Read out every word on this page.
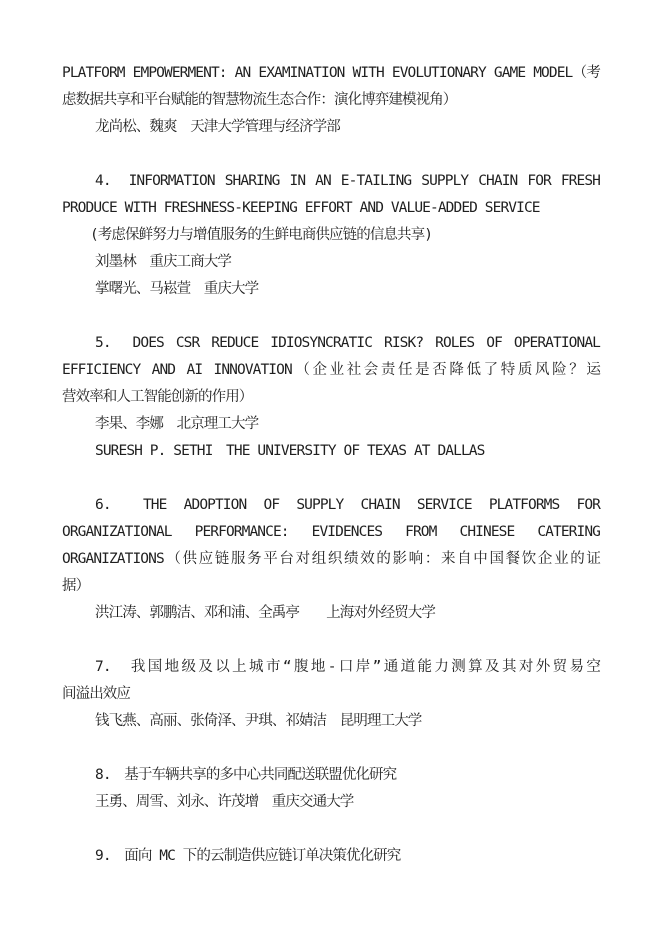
PLATFORM EMPOWERMENT: AN EXAMINATION WITH EVOLUTIONARY GAME MODEL（考
虑数据共享和平台赋能的智慧物流生态合作：演化博弈建模视角）
龙尚松、魏爽　天津大学管理与经济学部
4.　INFORMATION SHARING IN AN E-TAILING SUPPLY CHAIN FOR FRESH
PRODUCE WITH FRESHNESS-KEEPING EFFORT AND VALUE-ADDED SERVICE
(考虑保鲜努力与增值服务的生鲜电商供应链的信息共享)
刘墨林　重庆工商大学
掌曙光、马崧萱　重庆大学
5.　DOES CSR REDUCE IDIOSYNCRATIC RISK? ROLES OF OPERATIONAL
EFFICIENCY AND AI INNOVATION（企业社会责任是否降低了特质风险？运
营效率和人工智能创新的作用）
李果、李娜　北京理工大学
SURESH P. SETHI　THE UNIVERSITY OF TEXAS AT DALLAS
6.　THE ADOPTION OF SUPPLY CHAIN SERVICE PLATFORMS FOR
ORGANIZATIONAL PERFORMANCE: EVIDENCES FROM CHINESE CATERING
ORGANIZATIONS（供应链服务平台对组织绩效的影响：来自中国餐饮企业的证
据）
洪江涛、郭鹏洁、邓和浦、全禹亭　　上海对外经贸大学
7.　我国地级及以上城市“腹地-口岸”通道能力测算及其对外贸易空
间溢出效应
钱飞燕、高丽、张倚泽、尹琪、祁婧洁　昆明理工大学
8.　基于车辆共享的多中心共同配送联盟优化研究
王勇、周雪、刘永、许茂增　重庆交通大学
9.　面向 MC 下的云制造供应链订单决策优化研究
